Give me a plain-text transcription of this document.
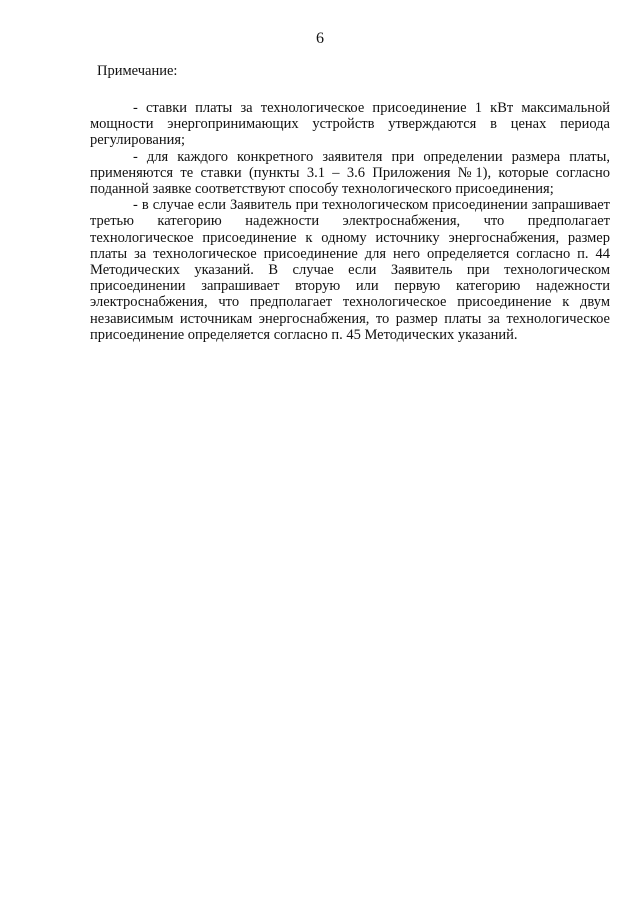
6
Примечание:

- ставки платы за технологическое присоединение 1 кВт максимальной мощности энергопринимающих устройств утверждаются в ценах периода регулирования;

- для каждого конкретного заявителя при определении размера платы, применяются те ставки (пункты 3.1 – 3.6 Приложения №1), которые согласно поданной заявке соответствуют способу технологического присоединения;

- в случае если Заявитель при технологическом присоединении запрашивает третью категорию надежности электроснабжения, что предполагает технологическое присоединение к одному источнику энергоснабжения, размер платы за технологическое присоединение для него определяется согласно п. 44 Методических указаний. В случае если Заявитель при технологическом присоединении запрашивает вторую или первую категорию надежности электроснабжения, что предполагает технологическое присоединение к двум независимым источникам энергоснабжения, то размер платы за технологическое присоединение определяется согласно п. 45 Методических указаний.
